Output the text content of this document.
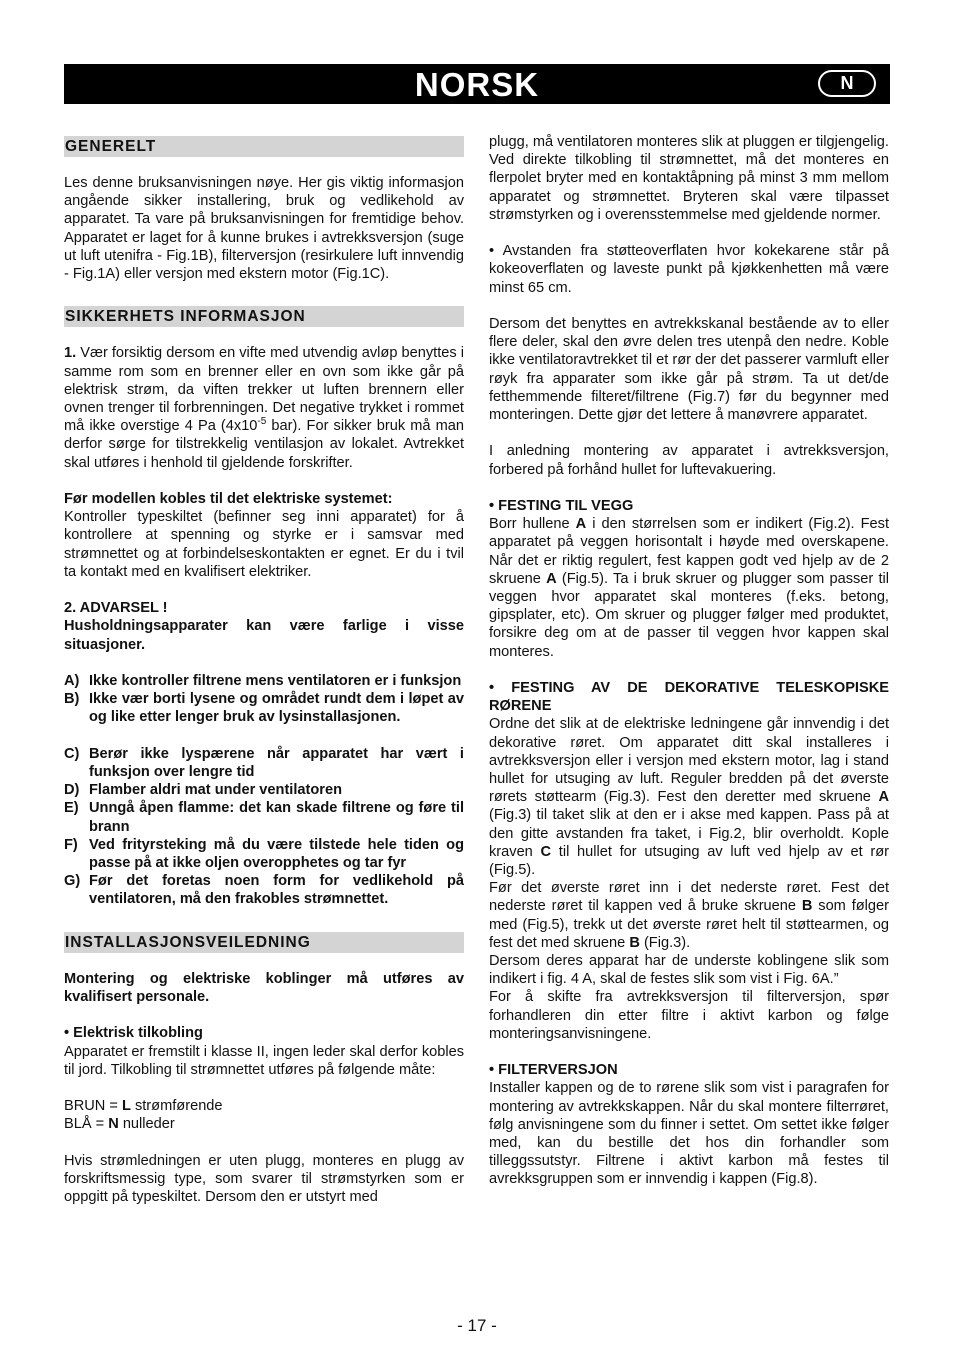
NORSK	N
GENERELT

Les denne bruksanvisningen nøye. Her gis viktig informasjon angående sikker installering, bruk og vedlikehold av apparatet. Ta vare på bruksanvisningen for fremtidige behov. Apparatet er laget for å kunne brukes i avtrekksversjon (suge ut luft utenifra - Fig.1B), filterversjon (resirkulere luft innvendig - Fig.1A) eller versjon med ekstern motor (Fig.1C).

SIKKERHETS INFORMASJON

1. Vær forsiktig dersom en vifte med utvendig avløp benyttes i samme rom som en brenner eller en ovn som ikke går på elektrisk strøm, da viften trekker ut luften brennern eller ovnen trenger til forbrenningen. Det negative trykket i rommet må ikke overstige 4 Pa ($4x10^{-5}$ bar). For sikker bruk må man derfor sørge for tilstrekkelig ventilasjon av lokalet. Avtrekket skal utføres i henhold til gjeldende forskrifter.

Før modellen kobles til det elektriske systemet:

Kontroller typeskiltet (befinner seg inni apparatet) for å kontrollere at spenning og styrke er i samsvar med strømnettet og at forbindelseskontakten er egnet. Er du i tvil ta kontakt med en kvalifisert elektriker.

2. ADVARSEL !

Husholdningsapparater kan være farlige i visse situasjoner.

A) Ikke kontroller filtrene mens ventilatoren er i funksjon
B) Ikke vær borti lysene og området rundt dem i løpet av og like etter lenger bruk av lysinstallasjonen.
C) Berør ikke lyspærene når apparatet har vært i funksjon over lengre tid
D) Flamber aldri mat under ventilatoren
E) Unngå åpen flamme: det kan skade filtrene og føre til brann
F) Ved frityrsteking må du være tilstede hele tiden og passe på at ikke oljen overopphetes og tar fyr
G) Før det foretas noen form for vedlikehold på ventilatoren, må den frakobles strømnettet.
INSTALLASJONSVEILEDNING

Montering og elektriske koblinger må utføres av kvalifisert personale.

• Elektrisk tilkobling

Apparatet er fremstilt i klasse II, ingen leder skal derfor kobles til jord. Tilkobling til strømnettet utføres på følgende måte:

BRUN = L strømførende

BLÅ = N nulleder

Hvis strømledningen er uten plugg, monteres en plugg av forskriftsmessig type, som svarer til strømstyrken som er oppgitt på typeskiltet. Dersom den er utstyrt med

plugg, må ventilatoren monteres slik at pluggen er tilgjengelig.

Ved direkte tilkobling til strømnettet, må det monteres en flerpolet bryter med en kontaktåpning på minst 3 mm mellom apparatet og strømnettet. Bryteren skal være tilpasset strømstyrken og i overensstemmelse med gjeldende normer.

• Avstanden fra støtteoverflaten hvor kokekarene står på kokeoverflaten og laveste punkt på kjøkkenhetten må være minst 65 cm.

Dersom det benyttes en avtrekkskanal bestående av to eller flere deler, skal den øvre delen tres utenpå den nedre. Koble ikke ventilatoravtrekket til et rør der det passerer varmluft eller røyk fra apparater som ikke går på strøm. Ta ut det/de fetthemmende filteret/filtrene (Fig.7) før du begynner med monteringen. Dette gjør det lettere å manøvrere apparatet.

I anledning montering av apparatet i avtrekksversjon, forbered på forhånd hullet for luftevakuering.

• FESTING TIL VEGG

Borr hullene A i den størrelsen som er indikert (Fig.2). Fest apparatet på veggen horisontalt i høyde med overskapene. Når det er riktig regulert, fest kappen godt ved hjelp av de 2 skruene A (Fig.5). Ta i bruk skruer og plugger som passer til veggen hvor apparatet skal monteres (f.eks. betong, gipsplater, etc). Om skruer og plugger følger med produktet, forsikre deg om at de passer til veggen hvor kappen skal monteres.

• FESTING AV DE DEKORATIVE TELESKOPISKE RØRENE

Ordne det slik at de elektriske ledningene går innvendig i det dekorative røret. Om apparatet ditt skal installeres i avtrekksversjon eller i versjon med ekstern motor, lag i stand hullet for utsuging av luft. Reguler bredden på det øverste rørets støttearm (Fig.3). Fest den deretter med skruene A (Fig.3) til taket slik at den er i akse med kappen. Pass på at den gitte avstanden fra taket, i Fig.2, blir overholdt. Kople kraven C til hullet for utsuging av luft ved hjelp av et rør (Fig.5).

Før det øverste røret inn i det nederste røret. Fest det nederste røret til kappen ved å bruke skruene B som følger med (Fig.5), trekk ut det øverste røret helt til støttearmen, og fest det med skruene B (Fig.3).

Dersom deres apparat har de underste koblingene slik som indikert i fig. 4 A, skal de festes slik som vist i Fig. 6A.”

For å skifte fra avtrekksversjon til filterversjon, spør forhandleren din etter filtre i aktivt karbon og følge monteringsanvisningene.

• FILTERVERSJON

Installer kappen og de to rørene slik som vist i paragrafen for montering av avtrekkskappen. Når du skal montere filterrøret, følg anvisningene som du finner i settet. Om settet ikke følger med, kan du bestille det hos din forhandler som tilleggssutstyr. Filtrene i aktivt karbon må festes til avrekksgruppen som er innvendig i kappen (Fig.8).

- 17 -
